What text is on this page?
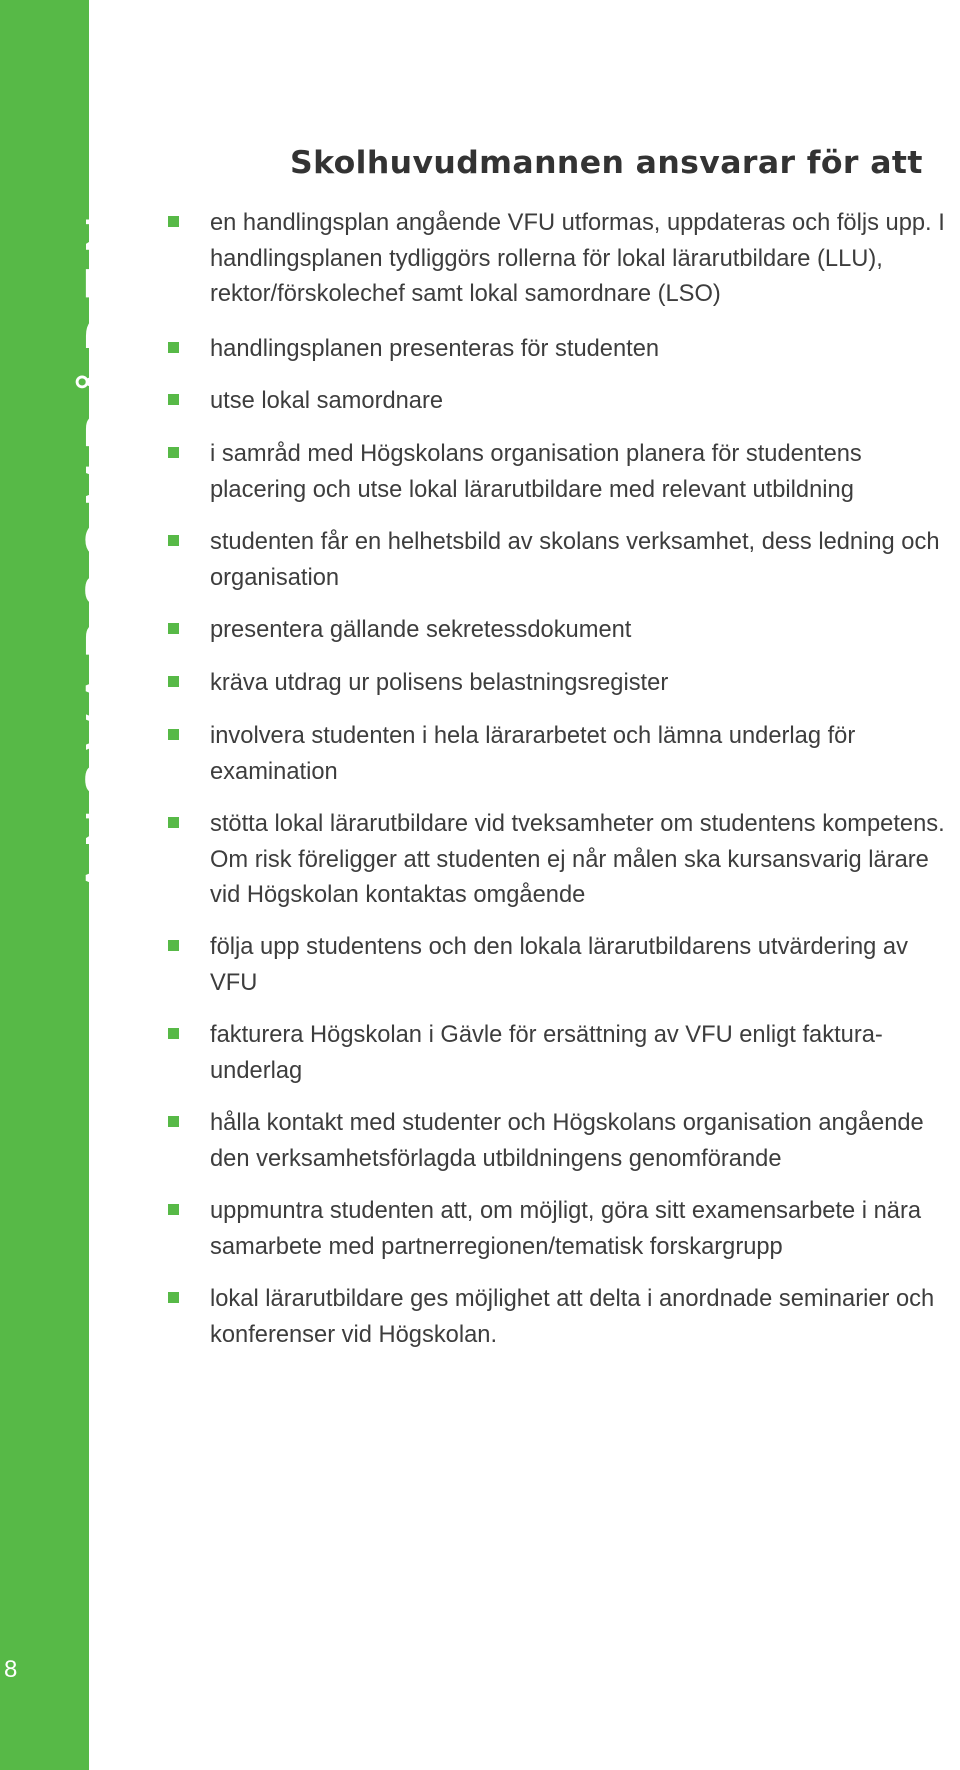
ANSVARSOMRÅDEN
8
Skolhuvudmannen ansvarar för att
en handlingsplan angående VFU utformas, uppdateras och följs upp. I handlingsplanen tydliggörs rollerna för lokal lärarutbildare (LLU), rektor/förskolechef samt lokal samordnare (LSO)
handlingsplanen presenteras för studenten
utse lokal samordnare
i samråd med Högskolans organisation planera för studentens placering och utse lokal lärarutbildare med relevant utbildning
studenten får en helhetsbild av skolans verksamhet, dess ledning och organisation
presentera gällande sekretessdokument
kräva utdrag ur polisens belastningsregister
involvera studenten i hela lärararbetet och lämna underlag för examination
stötta lokal lärarutbildare vid tveksamheter om studentens kompetens. Om risk föreligger att studenten ej når målen ska kursansvarig lärare vid Högskolan kontaktas omgående
följa upp studentens och den lokala lärarutbildarens utvärdering av VFU
fakturera Högskolan i Gävle för ersättning av VFU enligt faktura-underlag
hålla kontakt med studenter och Högskolans organisation angående den verksamhetsförlagda utbildningens genomförande
uppmuntra studenten att, om möjligt, göra sitt examensarbete i nära samarbete med partnerregionen/tematisk forskargrupp
lokal lärarutbildare ges möjlighet att delta i anordnade seminarier och konferenser vid Högskolan.
